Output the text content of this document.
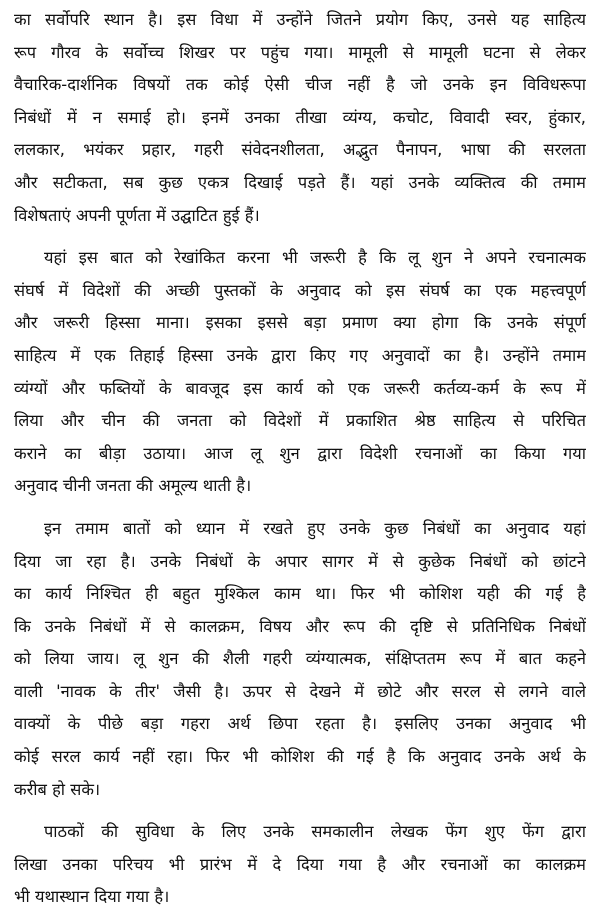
का सर्वोपरि स्थान है। इस विधा में उन्होंने जितने प्रयोग किए, उनसे यह साहित्य
रूप गौरव के सर्वोच्च शिखर पर पहुंच गया। मामूली से मामूली घटना से लेकर
वैचारिक-दार्शनिक विषयों तक कोई ऐसी चीज नहीं है जो उनके इन विविधरूपा
निबंधों में न समाई हो। इनमें उनका तीखा व्यंग्य, कचोट, विवादी स्वर, हुंकार,
ललकार, भयंकर प्रहार, गहरी संवेदनशीलता, अद्भुत पैनापन, भाषा की सरलता
और सटीकता, सब कुछ एकत्र दिखाई पड़ते हैं। यहां उनके व्यक्तित्व की तमाम
विशेषताएं अपनी पूर्णता में उद्घाटित हुई हैं।
यहां इस बात को रेखांकित करना भी जरूरी है कि लू शुन ने अपने रचनात्मक
संघर्ष में विदेशों की अच्छी पुस्तकों के अनुवाद को इस संघर्ष का एक महत्त्वपूर्ण
और जरूरी हिस्सा माना। इसका इससे बड़ा प्रमाण क्या होगा कि उनके संपूर्ण
साहित्य में एक तिहाई हिस्सा उनके द्वारा किए गए अनुवादों का है। उन्होंने तमाम
व्यंग्यों और फब्तियों के बावजूद इस कार्य को एक जरूरी कर्तव्य-कर्म के रूप में
लिया और चीन की जनता को विदेशों में प्रकाशित श्रेष्ठ साहित्य से परिचित
कराने का बीड़ा उठाया। आज लू शुन द्वारा विदेशी रचनाओं का किया गया
अनुवाद चीनी जनता की अमूल्य थाती है।
इन तमाम बातों को ध्यान में रखते हुए उनके कुछ निबंधों का अनुवाद यहां
दिया जा रहा है। उनके निबंधों के अपार सागर में से कुछेक निबंधों को छांटने
का कार्य निश्चित ही बहुत मुश्किल काम था। फिर भी कोशिश यही की गई है
कि उनके निबंधों में से कालक्रम, विषय और रूप की दृष्टि से प्रतिनिधिक निबंधों
को लिया जाय। लू शुन की शैली गहरी व्यंग्यात्मक, संक्षिप्ततम रूप में बात कहने
वाली 'नावक के तीर' जैसी है। ऊपर से देखने में छोटे और सरल से लगने वाले
वाक्यों के पीछे बड़ा गहरा अर्थ छिपा रहता है। इसलिए उनका अनुवाद भी
कोई सरल कार्य नहीं रहा। फिर भी कोशिश की गई है कि अनुवाद उनके अर्थ के
करीब हो सके।
पाठकों की सुविधा के लिए उनके समकालीन लेखक फेंग शुए फेंग द्वारा
लिखा उनका परिचय भी प्रारंभ में दे दिया गया है और रचनाओं का कालक्रम
भी यथास्थान दिया गया है।
